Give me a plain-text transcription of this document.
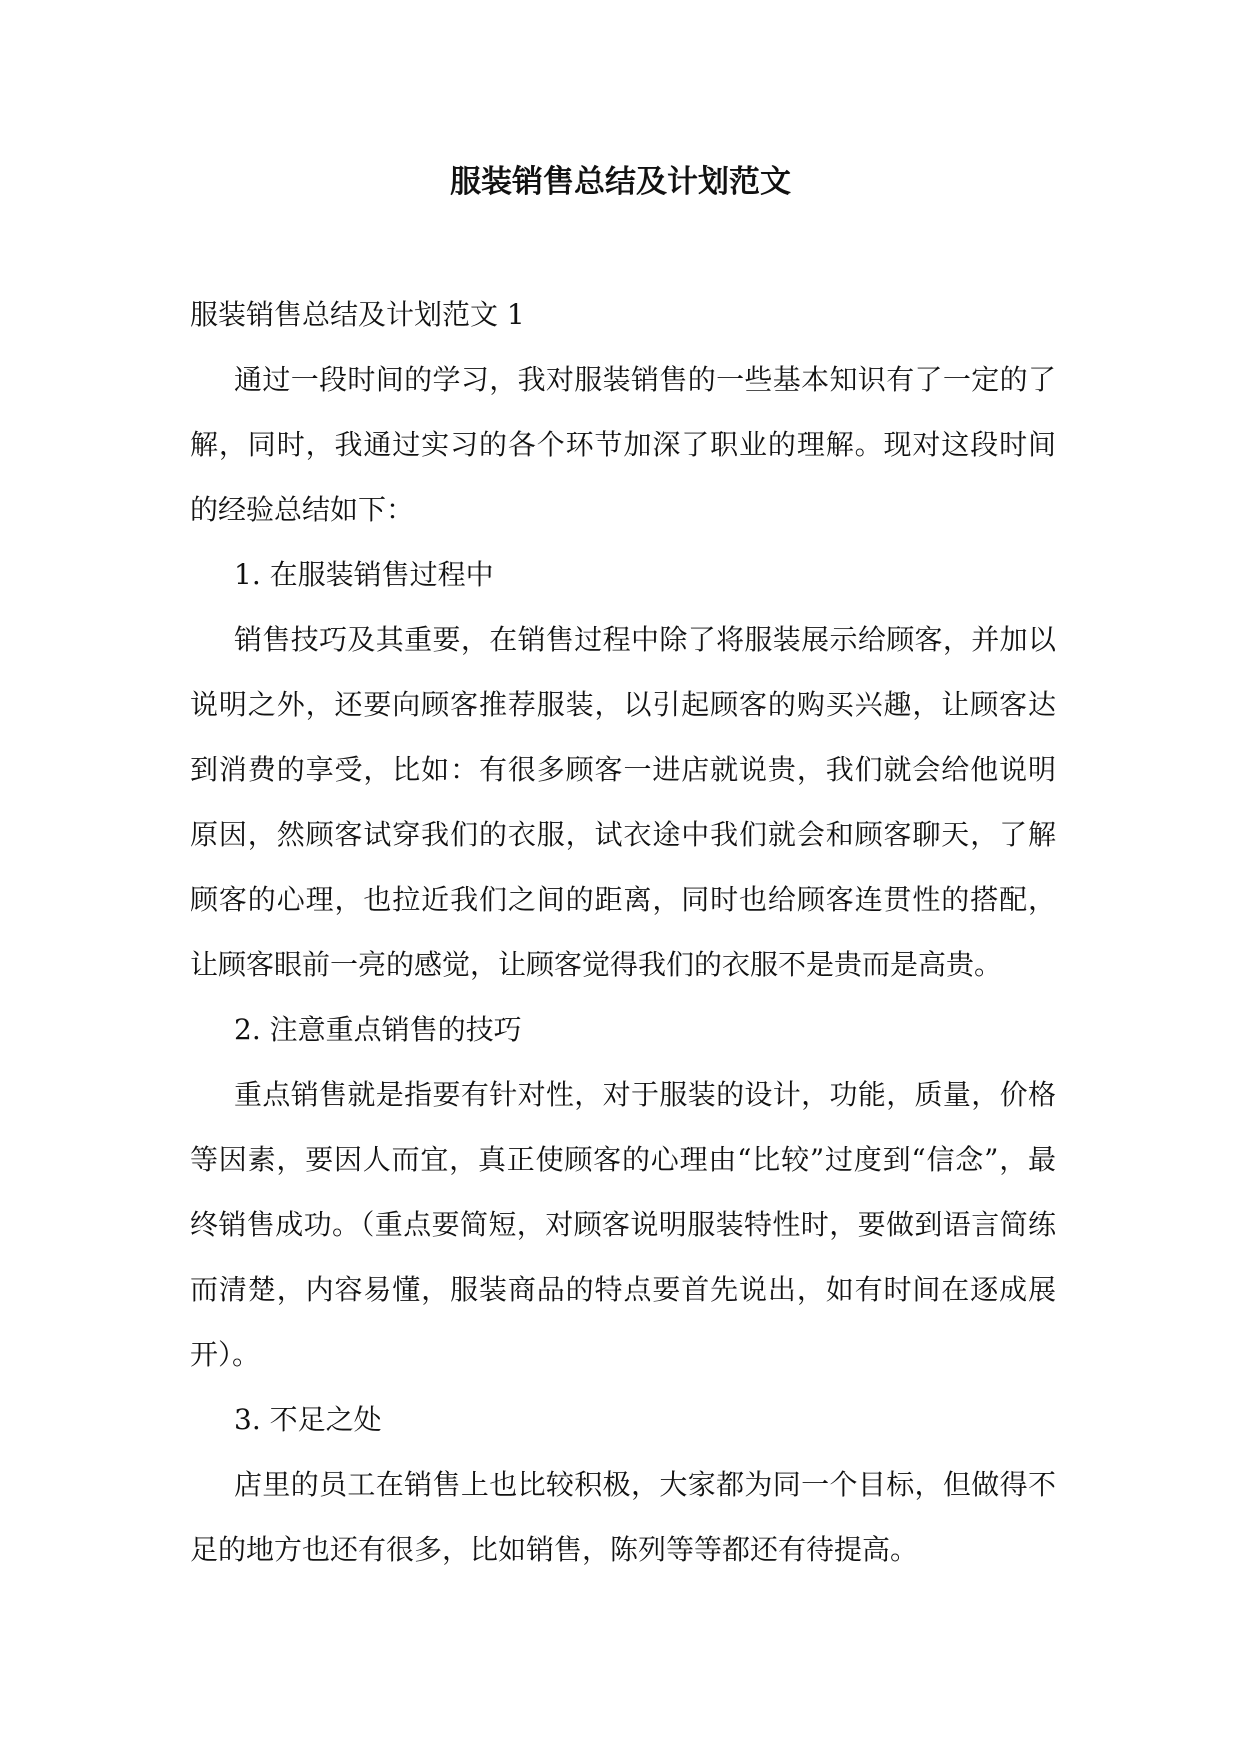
服装销售总结及计划范文

服装销售总结及计划范文 1

通过一段时间的学习，我对服装销售的一些基本知识有了一定的了解，同时，我通过实习的各个环节加深了职业的理解。现对这段时间的经验总结如下：

1. 在服装销售过程中

销售技巧及其重要，在销售过程中除了将服装展示给顾客，并加以说明之外，还要向顾客推荐服装，以引起顾客的购买兴趣，让顾客达到消费的享受，比如：有很多顾客一进店就说贵，我们就会给他说明原因，然顾客试穿我们的衣服，试衣途中我们就会和顾客聊天，了解顾客的心理，也拉近我们之间的距离，同时也给顾客连贯性的搭配，让顾客眼前一亮的感觉，让顾客觉得我们的衣服不是贵而是高贵。

2. 注意重点销售的技巧

重点销售就是指要有针对性，对于服装的设计，功能，质量，价格等因素，要因人而宜，真正使顾客的心理由“比较”过度到“信念”，最终销售成功。（重点要简短，对顾客说明服装特性时，要做到语言简练而清楚，内容易懂，服装商品的特点要首先说出，如有时间在逐成展开）。

3. 不足之处

店里的员工在销售上也比较积极，大家都为同一个目标，但做得不足的地方也还有很多，比如销售，陈列等等都还有待提高。
